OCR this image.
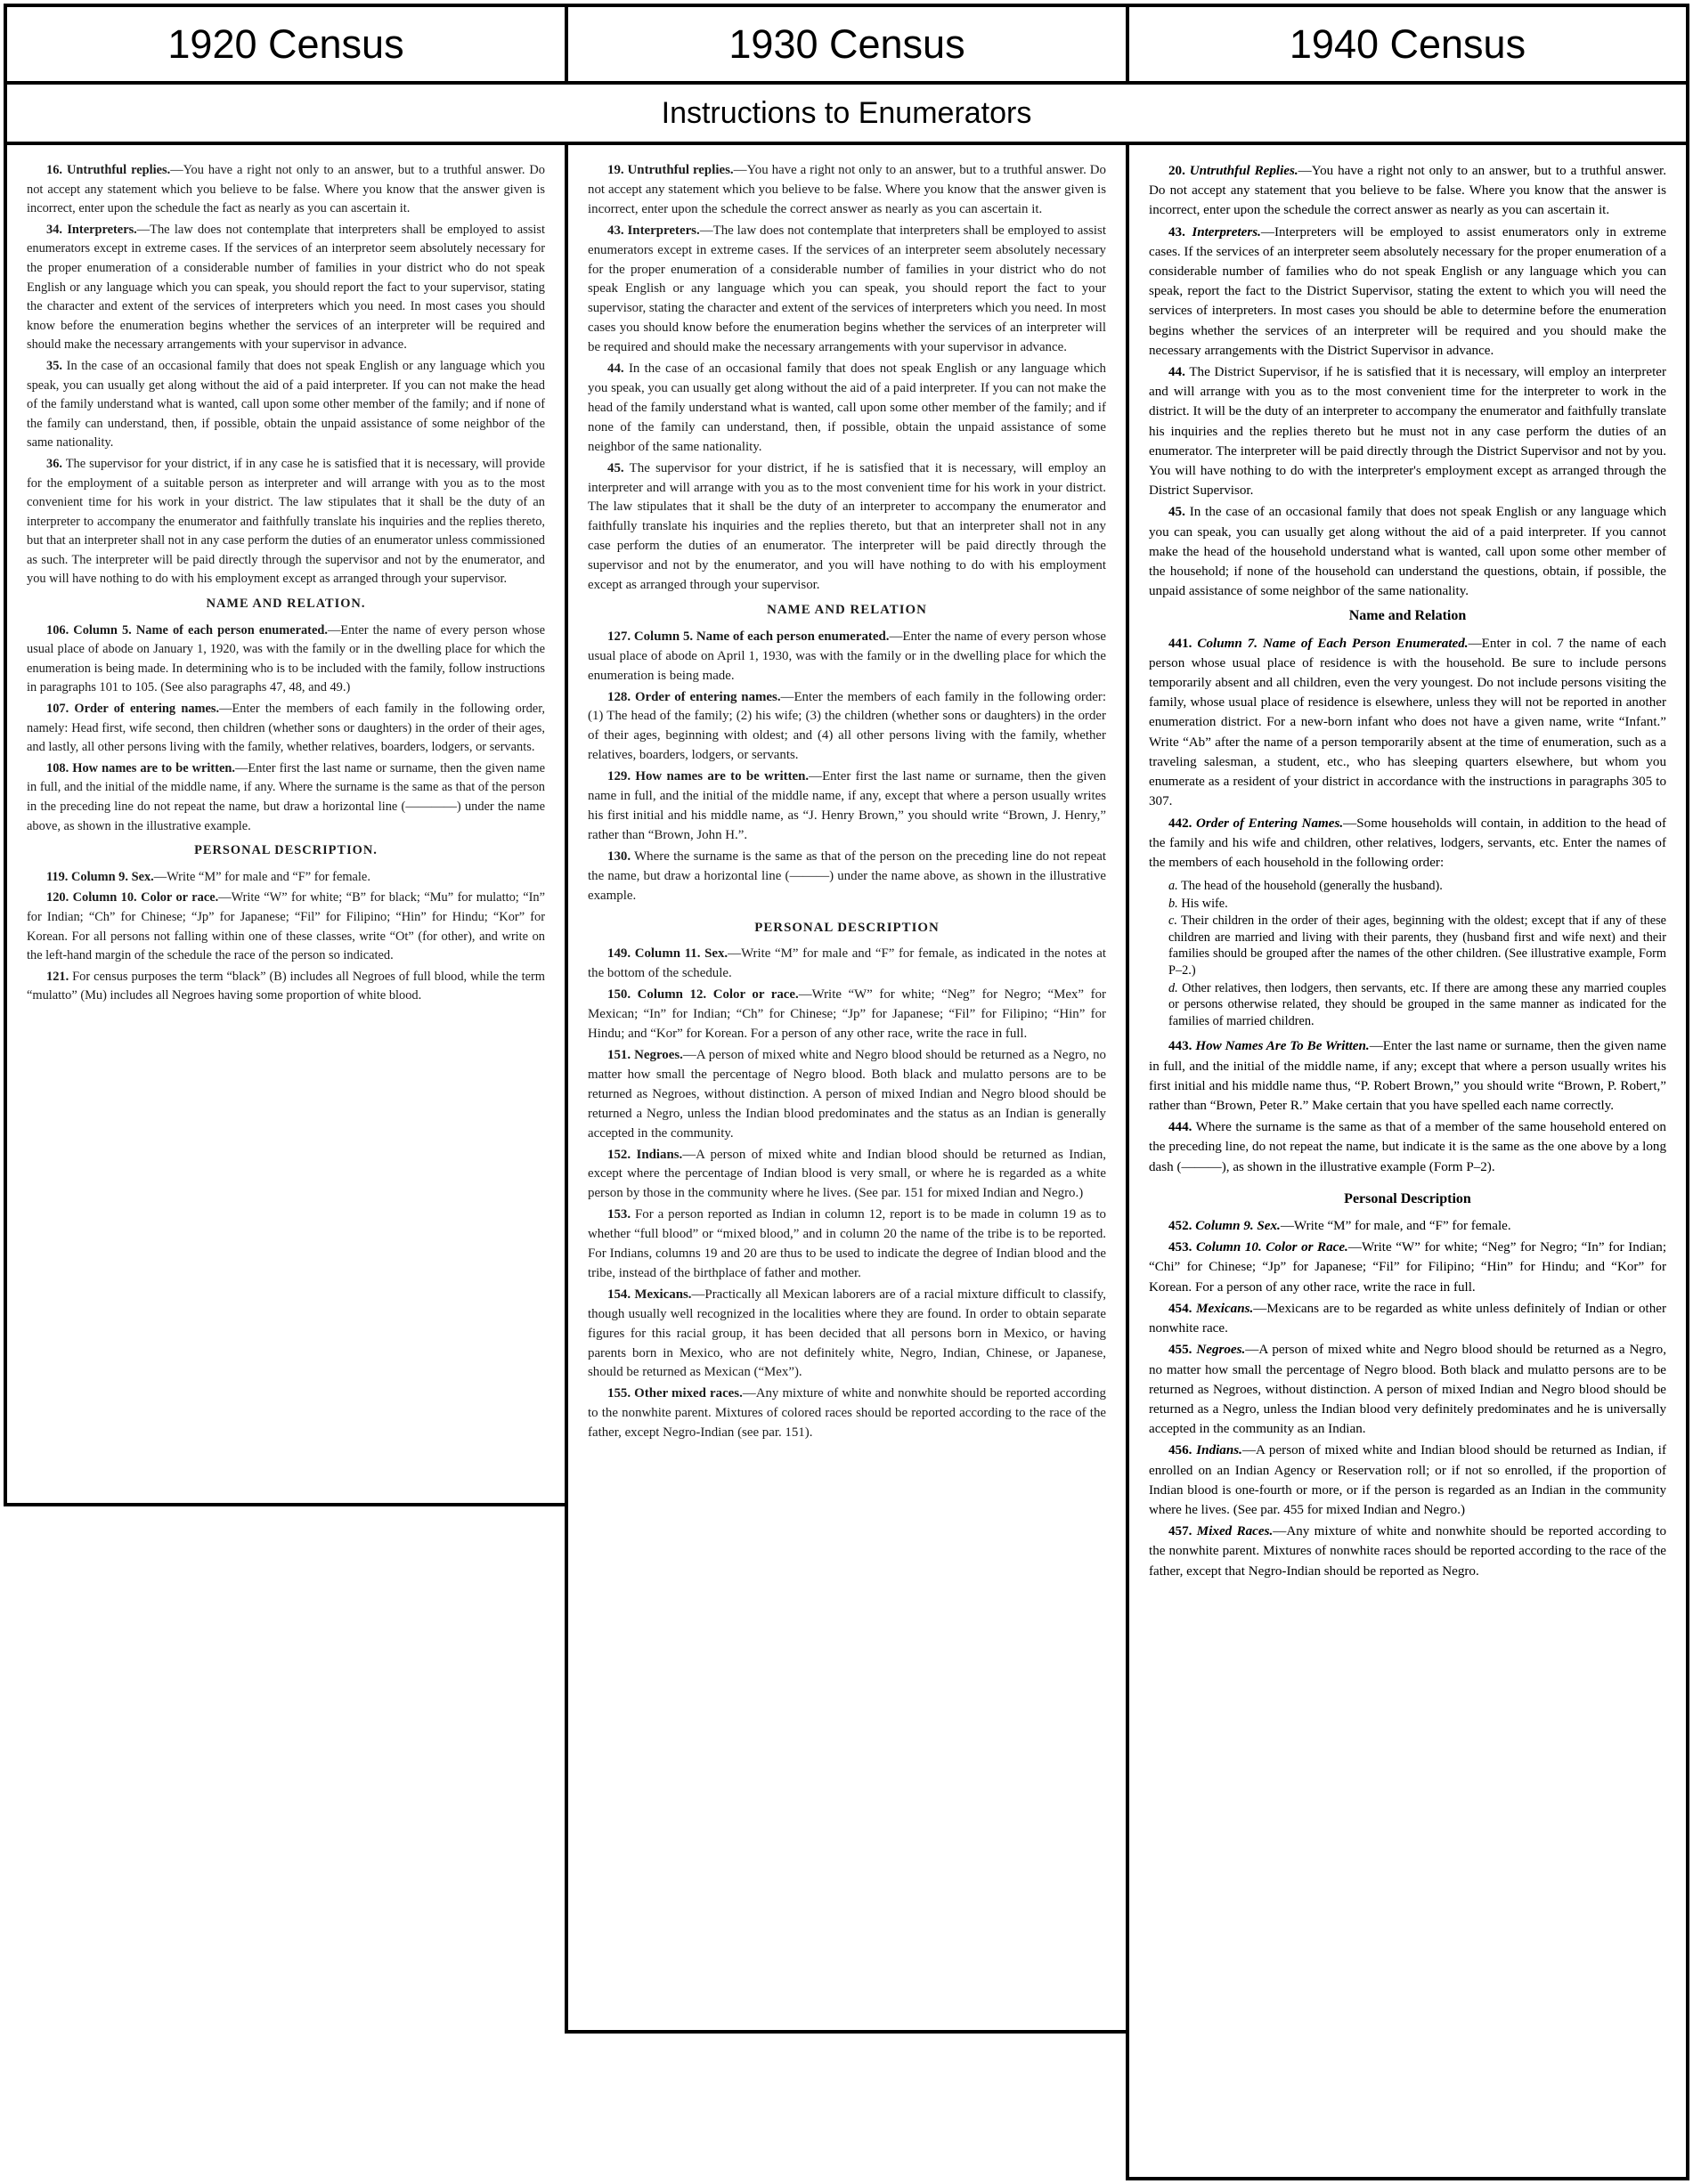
1920 Census	1930 Census	1940 Census
Instructions to Enumerators

16. Untruthful replies.—You have a right not only to an answer, but to a truthful answer. Do not accept any statement which you believe to be false. Where you know that the answer given is incorrect, enter upon the schedule the fact as nearly as you can ascertain it.

34. Interpreters.—The law does not contemplate that interpreters shall be employed to assist enumerators except in extreme cases. If the services of an interpretor seem absolutely necessary for the proper enumeration of a considerable number of families in your district who do not speak English or any language which you can speak, you should report the fact to your supervisor, stating the character and extent of the services of interpreters which you need. In most cases you should know before the enumeration begins whether the services of an interpreter will be required and should make the necessary arrangements with your supervisor in advance.

35. In the case of an occasional family that does not speak English or any language which you speak, you can usually get along without the aid of a paid interpreter. If you can not make the head of the family understand what is wanted, call upon some other member of the family; and if none of the family can understand, then, if possible, obtain the unpaid assistance of some neighbor of the same nationality.

36. The supervisor for your district, if in any case he is satisfied that it is necessary, will provide for the employment of a suitable person as interpreter and will arrange with you as to the most convenient time for his work in your district. The law stipulates that it shall be the duty of an interpreter to accompany the enumerator and faithfully translate his inquiries and the replies thereto, but that an interpreter shall not in any case perform the duties of an enumerator unless commissioned as such. The interpreter will be paid directly through the supervisor and not by the enumerator, and you will have nothing to do with his employment except as arranged through your supervisor.

NAME AND RELATION.

106. Column 5. Name of each person enumerated.—Enter the name of every person whose usual place of abode on January 1, 1920, was with the family or in the dwelling place for which the enumeration is being made. In determining who is to be included with the family, follow instructions in paragraphs 101 to 105. (See also paragraphs 47, 48, and 49.)

107. Order of entering names.—Enter the members of each family in the following order, namely: Head first, wife second, then children (whether sons or daughters) in the order of their ages, and lastly, all other persons living with the family, whether relatives, boarders, lodgers, or servants.

108. How names are to be written.—Enter first the last name or surname, then the given name in full, and the initial of the middle name, if any. Where the surname is the same as that of the person in the preceding line do not repeat the name, but draw a horizontal line (————) under the name above, as shown in the illustrative example.

PERSONAL DESCRIPTION.

119. Column 9. Sex.—Write “M” for male and “F” for female.

120. Column 10. Color or race.—Write “W” for white; “B” for black; “Mu” for mulatto; “In” for Indian; “Ch” for Chinese; “Jp” for Japanese; “Fil” for Filipino; “Hin” for Hindu; “Kor” for Korean. For all persons not falling within one of these classes, write “Ot” (for other), and write on the left-hand margin of the schedule the race of the person so indicated.

121. For census purposes the term “black” (B) includes all Negroes of full blood, while the term “mulatto” (Mu) includes all Negroes having some proportion of white blood.

19. Untruthful replies.—You have a right not only to an answer, but to a truthful answer. Do not accept any statement which you believe to be false. Where you know that the answer given is incorrect, enter upon the schedule the correct answer as nearly as you can ascertain it.

43. Interpreters.—The law does not contemplate that interpreters shall be employed to assist enumerators except in extreme cases. If the services of an interpreter seem absolutely necessary for the proper enumeration of a considerable number of families in your district who do not speak English or any language which you can speak, you should report the fact to your supervisor, stating the character and extent of the services of interpreters which you need. In most cases you should know before the enumeration begins whether the services of an interpreter will be required and should make the necessary arrangements with your supervisor in advance.

44. In the case of an occasional family that does not speak English or any language which you speak, you can usually get along without the aid of a paid interpreter. If you can not make the head of the family understand what is wanted, call upon some other member of the family; and if none of the family can understand, then, if possible, obtain the unpaid assistance of some neighbor of the same nationality.

45. The supervisor for your district, if he is satisfied that it is necessary, will employ an interpreter and will arrange with you as to the most convenient time for his work in your district. The law stipulates that it shall be the duty of an interpreter to accompany the enumerator and faithfully translate his inquiries and the replies thereto, but that an interpreter shall not in any case perform the duties of an enumerator. The interpreter will be paid directly through the supervisor and not by the enumerator, and you will have nothing to do with his employment except as arranged through your supervisor.

NAME AND RELATION

127. Column 5. Name of each person enumerated.—Enter the name of every person whose usual place of abode on April 1, 1930, was with the family or in the dwelling place for which the enumeration is being made.

128. Order of entering names.—Enter the members of each family in the following order: (1) The head of the family; (2) his wife; (3) the children (whether sons or daughters) in the order of their ages, beginning with oldest; and (4) all other persons living with the family, whether relatives, boarders, lodgers, or servants.

129. How names are to be written.—Enter first the last name or surname, then the given name in full, and the initial of the middle name, if any, except that where a person usually writes his first initial and his middle name, as “J. Henry Brown,” you should write “Brown, J. Henry,” rather than “Brown, John H.”.

130. Where the surname is the same as that of the person on the preceding line do not repeat the name, but draw a horizontal line (———) under the name above, as shown in the illustrative example.

PERSONAL DESCRIPTION

149. Column 11. Sex.—Write “M” for male and “F” for female, as indicated in the notes at the bottom of the schedule.

150. Column 12. Color or race.—Write “W” for white; “Neg” for Negro; “Mex” for Mexican; “In” for Indian; “Ch” for Chinese; “Jp” for Japanese; “Fil” for Filipino; “Hin” for Hindu; and “Kor” for Korean. For a person of any other race, write the race in full.

151. Negroes.—A person of mixed white and Negro blood should be returned as a Negro, no matter how small the percentage of Negro blood. Both black and mulatto persons are to be returned as Negroes, without distinction. A person of mixed Indian and Negro blood should be returned a Negro, unless the Indian blood predominates and the status as an Indian is generally accepted in the community.

152. Indians.—A person of mixed white and Indian blood should be returned as Indian, except where the percentage of Indian blood is very small, or where he is regarded as a white person by those in the community where he lives. (See par. 151 for mixed Indian and Negro.)

153. For a person reported as Indian in column 12, report is to be made in column 19 as to whether “full blood” or “mixed blood,” and in column 20 the name of the tribe is to be reported. For Indians, columns 19 and 20 are thus to be used to indicate the degree of Indian blood and the tribe, instead of the birthplace of father and mother.

154. Mexicans.—Practically all Mexican laborers are of a racial mixture difficult to classify, though usually well recognized in the localities where they are found. In order to obtain separate figures for this racial group, it has been decided that all persons born in Mexico, or having parents born in Mexico, who are not definitely white, Negro, Indian, Chinese, or Japanese, should be returned as Mexican (“Mex”).

155. Other mixed races.—Any mixture of white and nonwhite should be reported according to the nonwhite parent. Mixtures of colored races should be reported according to the race of the father, except Negro-Indian (see par. 151).

20. Untruthful Replies.—You have a right not only to an answer, but to a truthful answer. Do not accept any statement that you believe to be false. Where you know that the answer is incorrect, enter upon the schedule the correct answer as nearly as you can ascertain it.

43. Interpreters.—Interpreters will be employed to assist enumerators only in extreme cases. If the services of an interpreter seem absolutely necessary for the proper enumeration of a considerable number of families who do not speak English or any language which you can speak, report the fact to the District Supervisor, stating the extent to which you will need the services of interpreters. In most cases you should be able to determine before the enumeration begins whether the services of an interpreter will be required and you should make the necessary arrangements with the District Supervisor in advance.

44. The District Supervisor, if he is satisfied that it is necessary, will employ an interpreter and will arrange with you as to the most convenient time for the interpreter to work in the district. It will be the duty of an interpreter to accompany the enumerator and faithfully translate his inquiries and the replies thereto but he must not in any case perform the duties of an enumerator. The interpreter will be paid directly through the District Supervisor and not by you. You will have nothing to do with the interpreter's employment except as arranged through the District Supervisor.

45. In the case of an occasional family that does not speak English or any language which you can speak, you can usually get along without the aid of a paid interpreter. If you cannot make the head of the household understand what is wanted, call upon some other member of the household; if none of the household can understand the questions, obtain, if possible, the unpaid assistance of some neighbor of the same nationality.

Name and Relation

441. Column 7. Name of Each Person Enumerated.—Enter in col. 7 the name of each person whose usual place of residence is with the household. Be sure to include persons temporarily absent and all children, even the very youngest. Do not include persons visiting the family, whose usual place of residence is elsewhere, unless they will not be reported in another enumeration district. For a new-born infant who does not have a given name, write “Infant.” Write “Ab” after the name of a person temporarily absent at the time of enumeration, such as a traveling salesman, a student, etc., who has sleeping quarters elsewhere, but whom you enumerate as a resident of your district in accordance with the instructions in paragraphs 305 to 307.

442. Order of Entering Names.—Some households will contain, in addition to the head of the family and his wife and children, other relatives, lodgers, servants, etc. Enter the names of the members of each household in the following order:

a. The head of the household (generally the husband).
b. His wife.
c. Their children in the order of their ages, beginning with the oldest; except that if any of these children are married and living with their parents, they (husband first and wife next) and their families should be grouped after the names of the other children. (See illustrative example, Form P–2.)
d. Other relatives, then lodgers, then servants, etc. If there are among these any married couples or persons otherwise related, they should be grouped in the same manner as indicated for the families of married children.

443. How Names Are To Be Written.—Enter the last name or surname, then the given name in full, and the initial of the middle name, if any; except that where a person usually writes his first initial and his middle name thus, “P. Robert Brown,” you should write “Brown, P. Robert,” rather than “Brown, Peter R.” Make certain that you have spelled each name correctly.

444. Where the surname is the same as that of a member of the same household entered on the preceding line, do not repeat the name, but indicate it is the same as the one above by a long dash (———), as shown in the illustrative example (Form P–2).

Personal Description

452. Column 9. Sex.—Write “M” for male, and “F” for female.

453. Column 10. Color or Race.—Write “W” for white; “Neg” for Negro; “In” for Indian; “Chi” for Chinese; “Jp” for Japanese; “Fil” for Filipino; “Hin” for Hindu; and “Kor” for Korean. For a person of any other race, write the race in full.

454. Mexicans.—Mexicans are to be regarded as white unless definitely of Indian or other nonwhite race.

455. Negroes.—A person of mixed white and Negro blood should be returned as a Negro, no matter how small the percentage of Negro blood. Both black and mulatto persons are to be returned as Negroes, without distinction. A person of mixed Indian and Negro blood should be returned as a Negro, unless the Indian blood very definitely predominates and he is universally accepted in the community as an Indian.

456. Indians.—A person of mixed white and Indian blood should be returned as Indian, if enrolled on an Indian Agency or Reservation roll; or if not so enrolled, if the proportion of Indian blood is one-fourth or more, or if the person is regarded as an Indian in the community where he lives. (See par. 455 for mixed Indian and Negro.)

457. Mixed Races.—Any mixture of white and nonwhite should be reported according to the nonwhite parent. Mixtures of nonwhite races should be reported according to the race of the father, except that Negro-Indian should be reported as Negro.
